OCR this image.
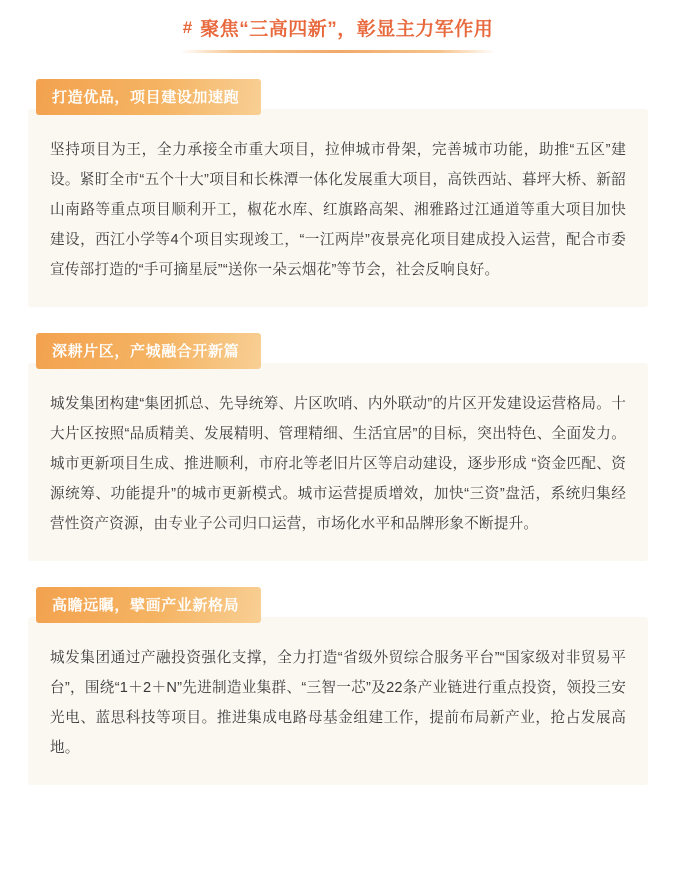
# 聚焦“三高四新”，彰显主力军作用
打造优品，项目建设加速跑
坚持项目为王，全力承接全市重大项目，拉伸城市骨架，完善城市功能，助推“五区”建设。紧盯全市“五个十大”项目和长株潭一体化发展重大项目，高铁西站、暮坪大桥、新韶山南路等重点项目顺利开工，椒花水库、红旗路高架、湘雅路过江通道等重大项目加快建设，西江小学等4个项目实现竣工，“一江两岸”夜景亮化项目建成投入运营，配合市委宣传部打造的“手可摘星辰”“送你一朵云烟花”等节会，社会反响良好。
深耕片区，产城融合开新篇
城发集团构建“集团抓总、先导统筹、片区吹哨、内外联动”的片区开发建设运营格局。十大片区按照“品质精美、发展精明、管理精细、生活宜居”的目标，突出特色、全面发力。城市更新项目生成、推进顺利，市府北等老旧片区等启动建设，逐步形成 “资金匹配、资源统筹、功能提升”的城市更新模式。城市运营提质增效，加快“三资”盘活，系统归集经营性资产资源，由专业子公司归口运营，市场化水平和品牌形象不断提升。
高瞻远瞩，擘画产业新格局
城发集团通过产融投资强化支撑，全力打造“省级外贸综合服务平台”“国家级对非贸易平台”，围绕“1＋2＋N”先进制造业集群、“三智一芯”及22条产业链进行重点投资，领投三安光电、蓝思科技等项目。推进集成电路母基金组建工作，提前布局新产业，抢占发展高地。
